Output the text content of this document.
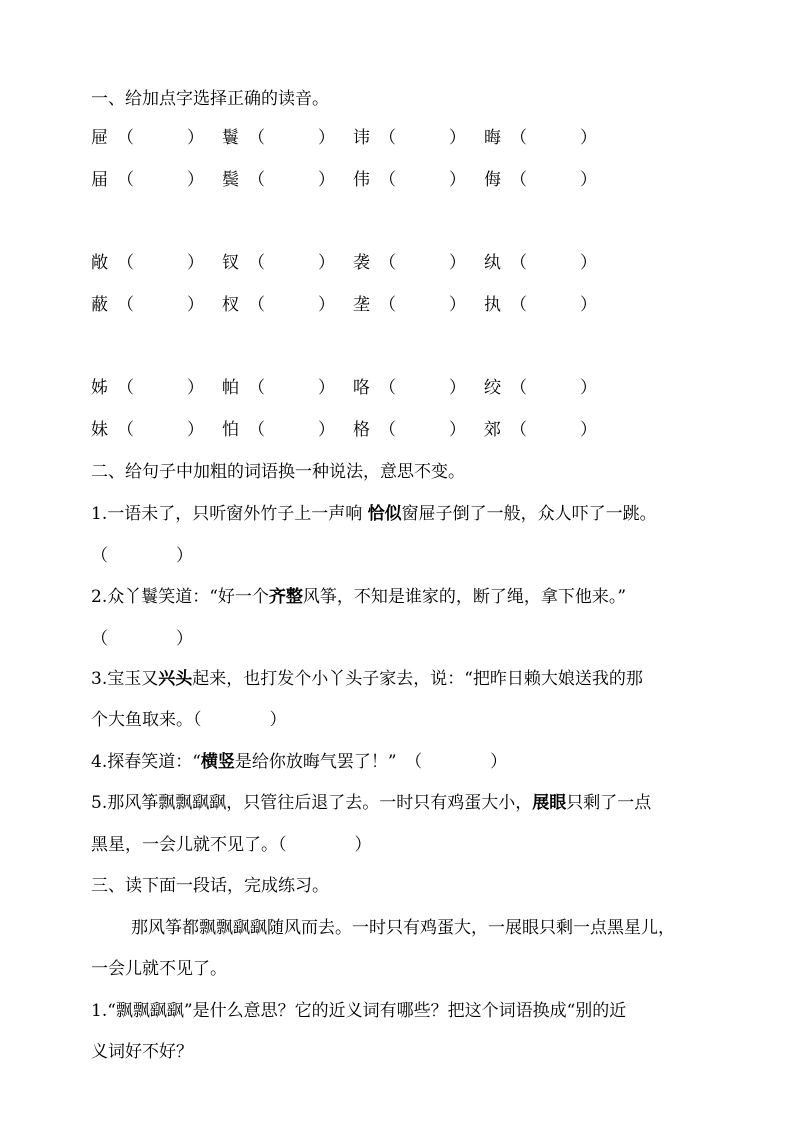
一、给加点字选择正确的读音。
屉 （	） 鬟 （	） 讳 （	） 晦 （	）
届 （	） 鬓 （	） 伟 （	） 侮 （	）
敞 （	） 钗 （	） 袭 （	） 纨 （	）
蔽 （	） 杈 （	） 垄 （	） 执 （	）
姊 （	） 帕 （	） 咯 （	） 绞 （	）
妹 （	） 怕 （	） 格 （	） 郊 （	）
二、给句子中加粗的词语换一种说法，意思不变。
1.一语未了，只听窗外竹子上一声响 恰似窗屉子倒了一般，众人吓了一跳。
（　　　　）
2.众丫鬟笑道：“好一个齐整风筝，不知是谁家的，断了绳，拿下他来。”
（　　　　）
3.宝玉又兴头起来，也打发个小丫头子家去，说：“把昨日赖大娘送我的那
个大鱼取来。（　　　　）
4.探春笑道：“横竖是给你放晦气罢了！”　（　　　　）
5.那风筝飘飘飖飖，只管往后退了去。一时只有鸡蛋大小，展眼只剩了一点
黑星，一会儿就不见了。（　　　　）
三、读下面一段话，完成练习。
那风筝都飘飘飖飖随风而去。一时只有鸡蛋大，一展眼只剩一点黑星儿，
一会儿就不见了。
1.“飘飘飖飖”是什么意思？它的近义词有哪些？把这个词语换成“别的近
义词好不好？
